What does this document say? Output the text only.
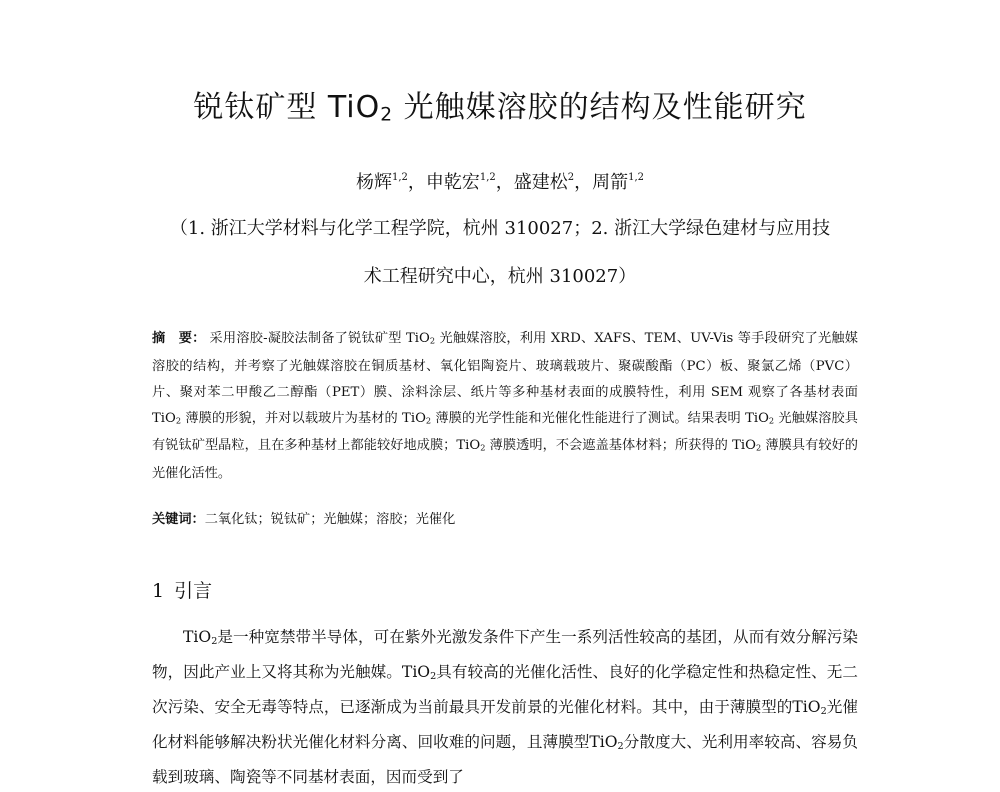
锐钛矿型 TiO$_2$ 光触媒溶胶的结构及性能研究
杨辉$^{1,2}$，申乾宏$^{1,2}$，盛建松$^2$，周箭$^{1,2}$
（1. 浙江大学材料与化学工程学院，杭州 310027；2. 浙江大学绿色建材与应用技
术工程研究中心，杭州 310027）
摘　要： 采用溶胶-凝胶法制备了锐钛矿型 TiO$_2$ 光触媒溶胶，利用 XRD、XAFS、TEM、UV-Vis 等手段研究了光触媒溶胶的结构，并考察了光触媒溶胶在铜质基材、氧化铝陶瓷片、玻璃载玻片、聚碳酸酯（PC）板、聚氯乙烯（PVC）片、聚对苯二甲酸乙二醇酯（PET）膜、涂料涂层、纸片等多种基材表面的成膜特性，利用 SEM 观察了各基材表面 TiO$_2$ 薄膜的形貌，并对以载玻片为基材的 TiO$_2$ 薄膜的光学性能和光催化性能进行了测试。结果表明 TiO$_2$ 光触媒溶胶具有锐钛矿型晶粒，且在多种基材上都能较好地成膜；TiO$_2$ 薄膜透明，不会遮盖基体材料；所获得的 TiO$_2$ 薄膜具有较好的光催化活性。
关键词：二氧化钛；锐钛矿；光触媒；溶胶；光催化
1 引言
TiO$_2$是一种宽禁带半导体，可在紫外光激发条件下产生一系列活性较高的基团，从而有效分解污染物，因此产业上又将其称为光触媒。TiO$_2$具有较高的光催化活性、良好的化学稳定性和热稳定性、无二次污染、安全无毒等特点，已逐渐成为当前最具开发前景的光催化材料。其中，由于薄膜型的TiO$_2$光催化材料能够解决粉状光催化材料分离、回收难的问题，且薄膜型TiO$_2$分散度大、光利用率较高、容易负载到玻璃、陶瓷等不同基材表面，因而受到了
